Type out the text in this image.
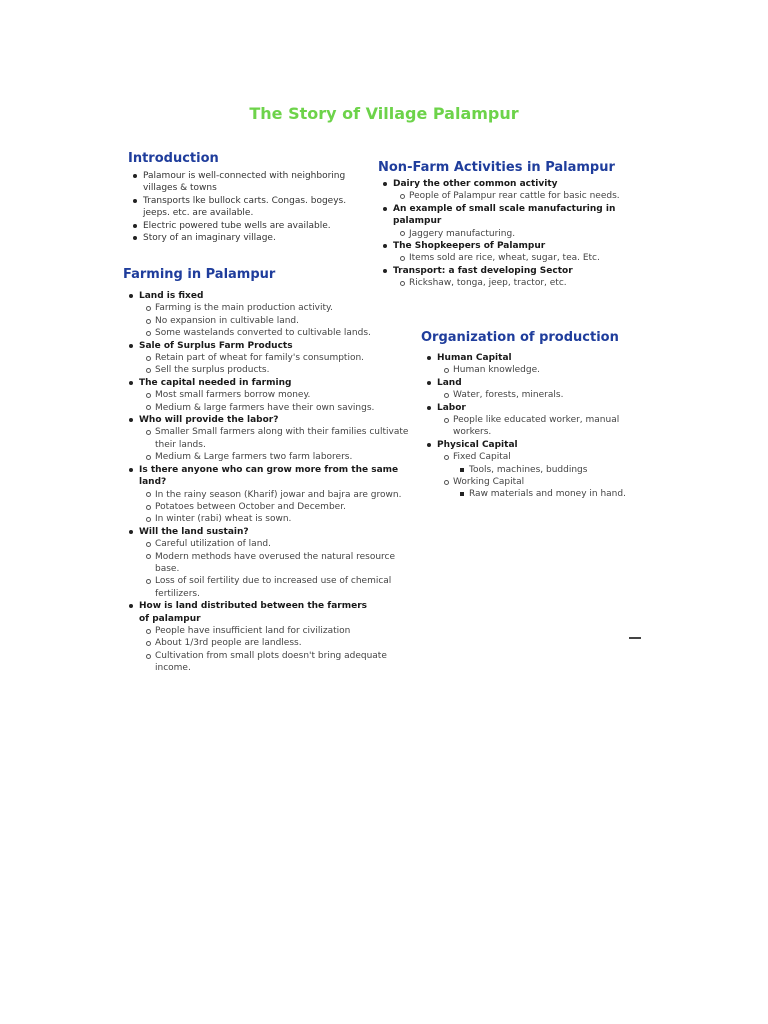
The Story of Village Palampur
Introduction
Palamour is well-connected with neighboring villages & towns
Transports lke bullock carts. Congas. bogeys. jeeps. etc. are available.
Electric powered tube wells are available.
Story of an imaginary village.
Farming in Palampur
Land is fixed
Farming is the main production activity.
No expansion in cultivable land.
Some wastelands converted to cultivable lands.
Sale of Surplus Farm Products
Retain part of wheat for family's consumption.
Sell the surplus products.
The capital needed in farming
Most small farmers borrow money.
Medium & large farmers have their own savings.
Who will provide the labor?
Smaller Small farmers along with their families cultivate their lands.
Medium & Large farmers two farm laborers.
Is there anyone who can grow more from the same land?
In the rainy season (Kharif) jowar and bajra are grown.
Potatoes between October and December.
In winter (rabi) wheat is sown.
Will the land sustain?
Careful utilization of land.
Modern methods have overused the natural resource base.
Loss of soil fertility due to increased use of chemical fertilizers.
How is land distributed between the farmers of palampur
People have insufficient land for civilization
About 1/3rd people are landless.
Cultivation from small plots doesn't bring adequate income.
Non-Farm Activities in Palampur
Dairy the other common activity
People of Palampur rear cattle for basic needs.
An example of small scale manufacturing in palampur
Jaggery manufacturing.
The Shopkeepers of Palampur
Items sold are rice, wheat, sugar, tea. Etc.
Transport: a fast developing Sector
Rickshaw, tonga, jeep, tractor, etc.
Organization of production
Human Capital
Human knowledge.
Land
Water, forests, minerals.
Labor
People like educated worker, manual workers.
Physical Capital
Fixed Capital
Tools, machines, buddings
Working Capital
Raw materials and money in hand.
